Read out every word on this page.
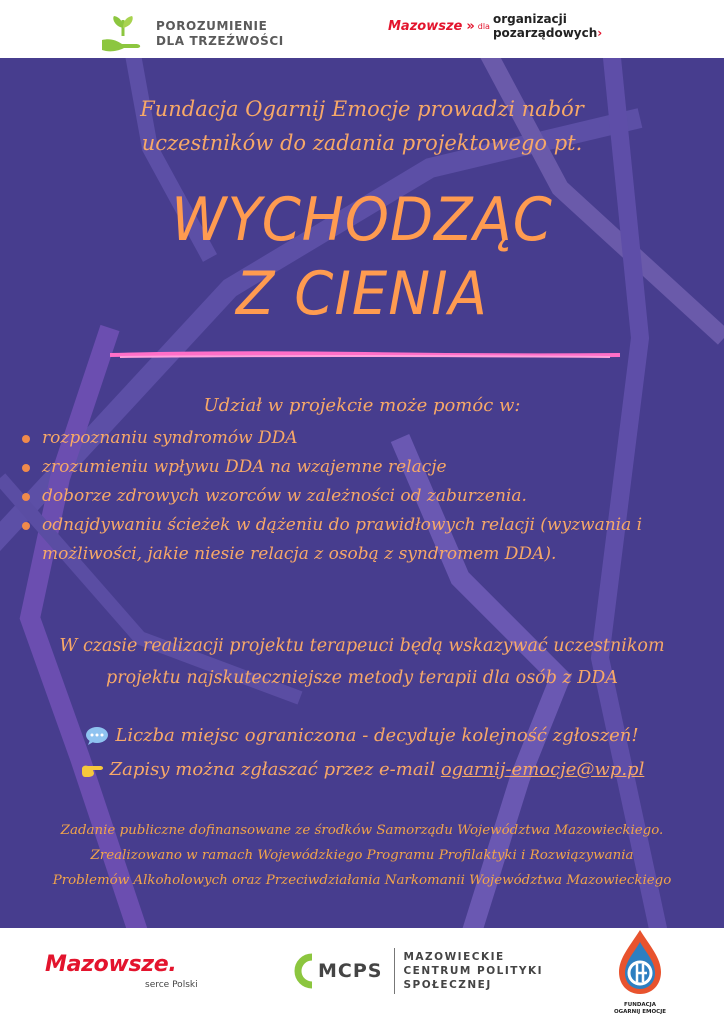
POROZUMIENIE
DLA TRZEŹWOŚCI
Mazowsze » dla organizacji
pozarządowych›
Fundacja Ogarnij Emocje prowadzi nabór
uczestników do zadania projektowego pt.
WYCHODZĄC
Z CIENIA
Udział w projekcie może pomóc w:
rozpoznaniu syndromów DDA
zrozumieniu wpływu DDA na wzajemne relacje
doborze zdrowych wzorców w zależności od zaburzenia.
odnajdywaniu ścieżek w dążeniu do prawidłowych relacji (wyzwania i możliwości, jakie niesie relacja z osobą z syndromem DDA).
W czasie realizacji projektu terapeuci będą wskazywać uczestnikom
projektu najskuteczniejsze metody terapii dla osób z DDA
Liczba miejsc ograniczona - decyduje kolejność zgłoszeń!
Zapisy można zgłaszać przez e-mail ogarnij-emocje@wp.pl
Zadanie publiczne dofinansowane ze środków Samorządu Województwa Mazowieckiego.
Zrealizowano w ramach Wojewódzkiego Programu Profilaktyki i Rozwiązywania
Problemów Alkoholowych oraz Przeciwdziałania Narkomanii Województwa Mazowieckiego
Mazowsze.
serce Polski
MCPS
MAZOWIECKIE
CENTRUM POLITYKI
SPOŁECZNEJ
FUNDACJA
OGARNIJ EMOCJE
